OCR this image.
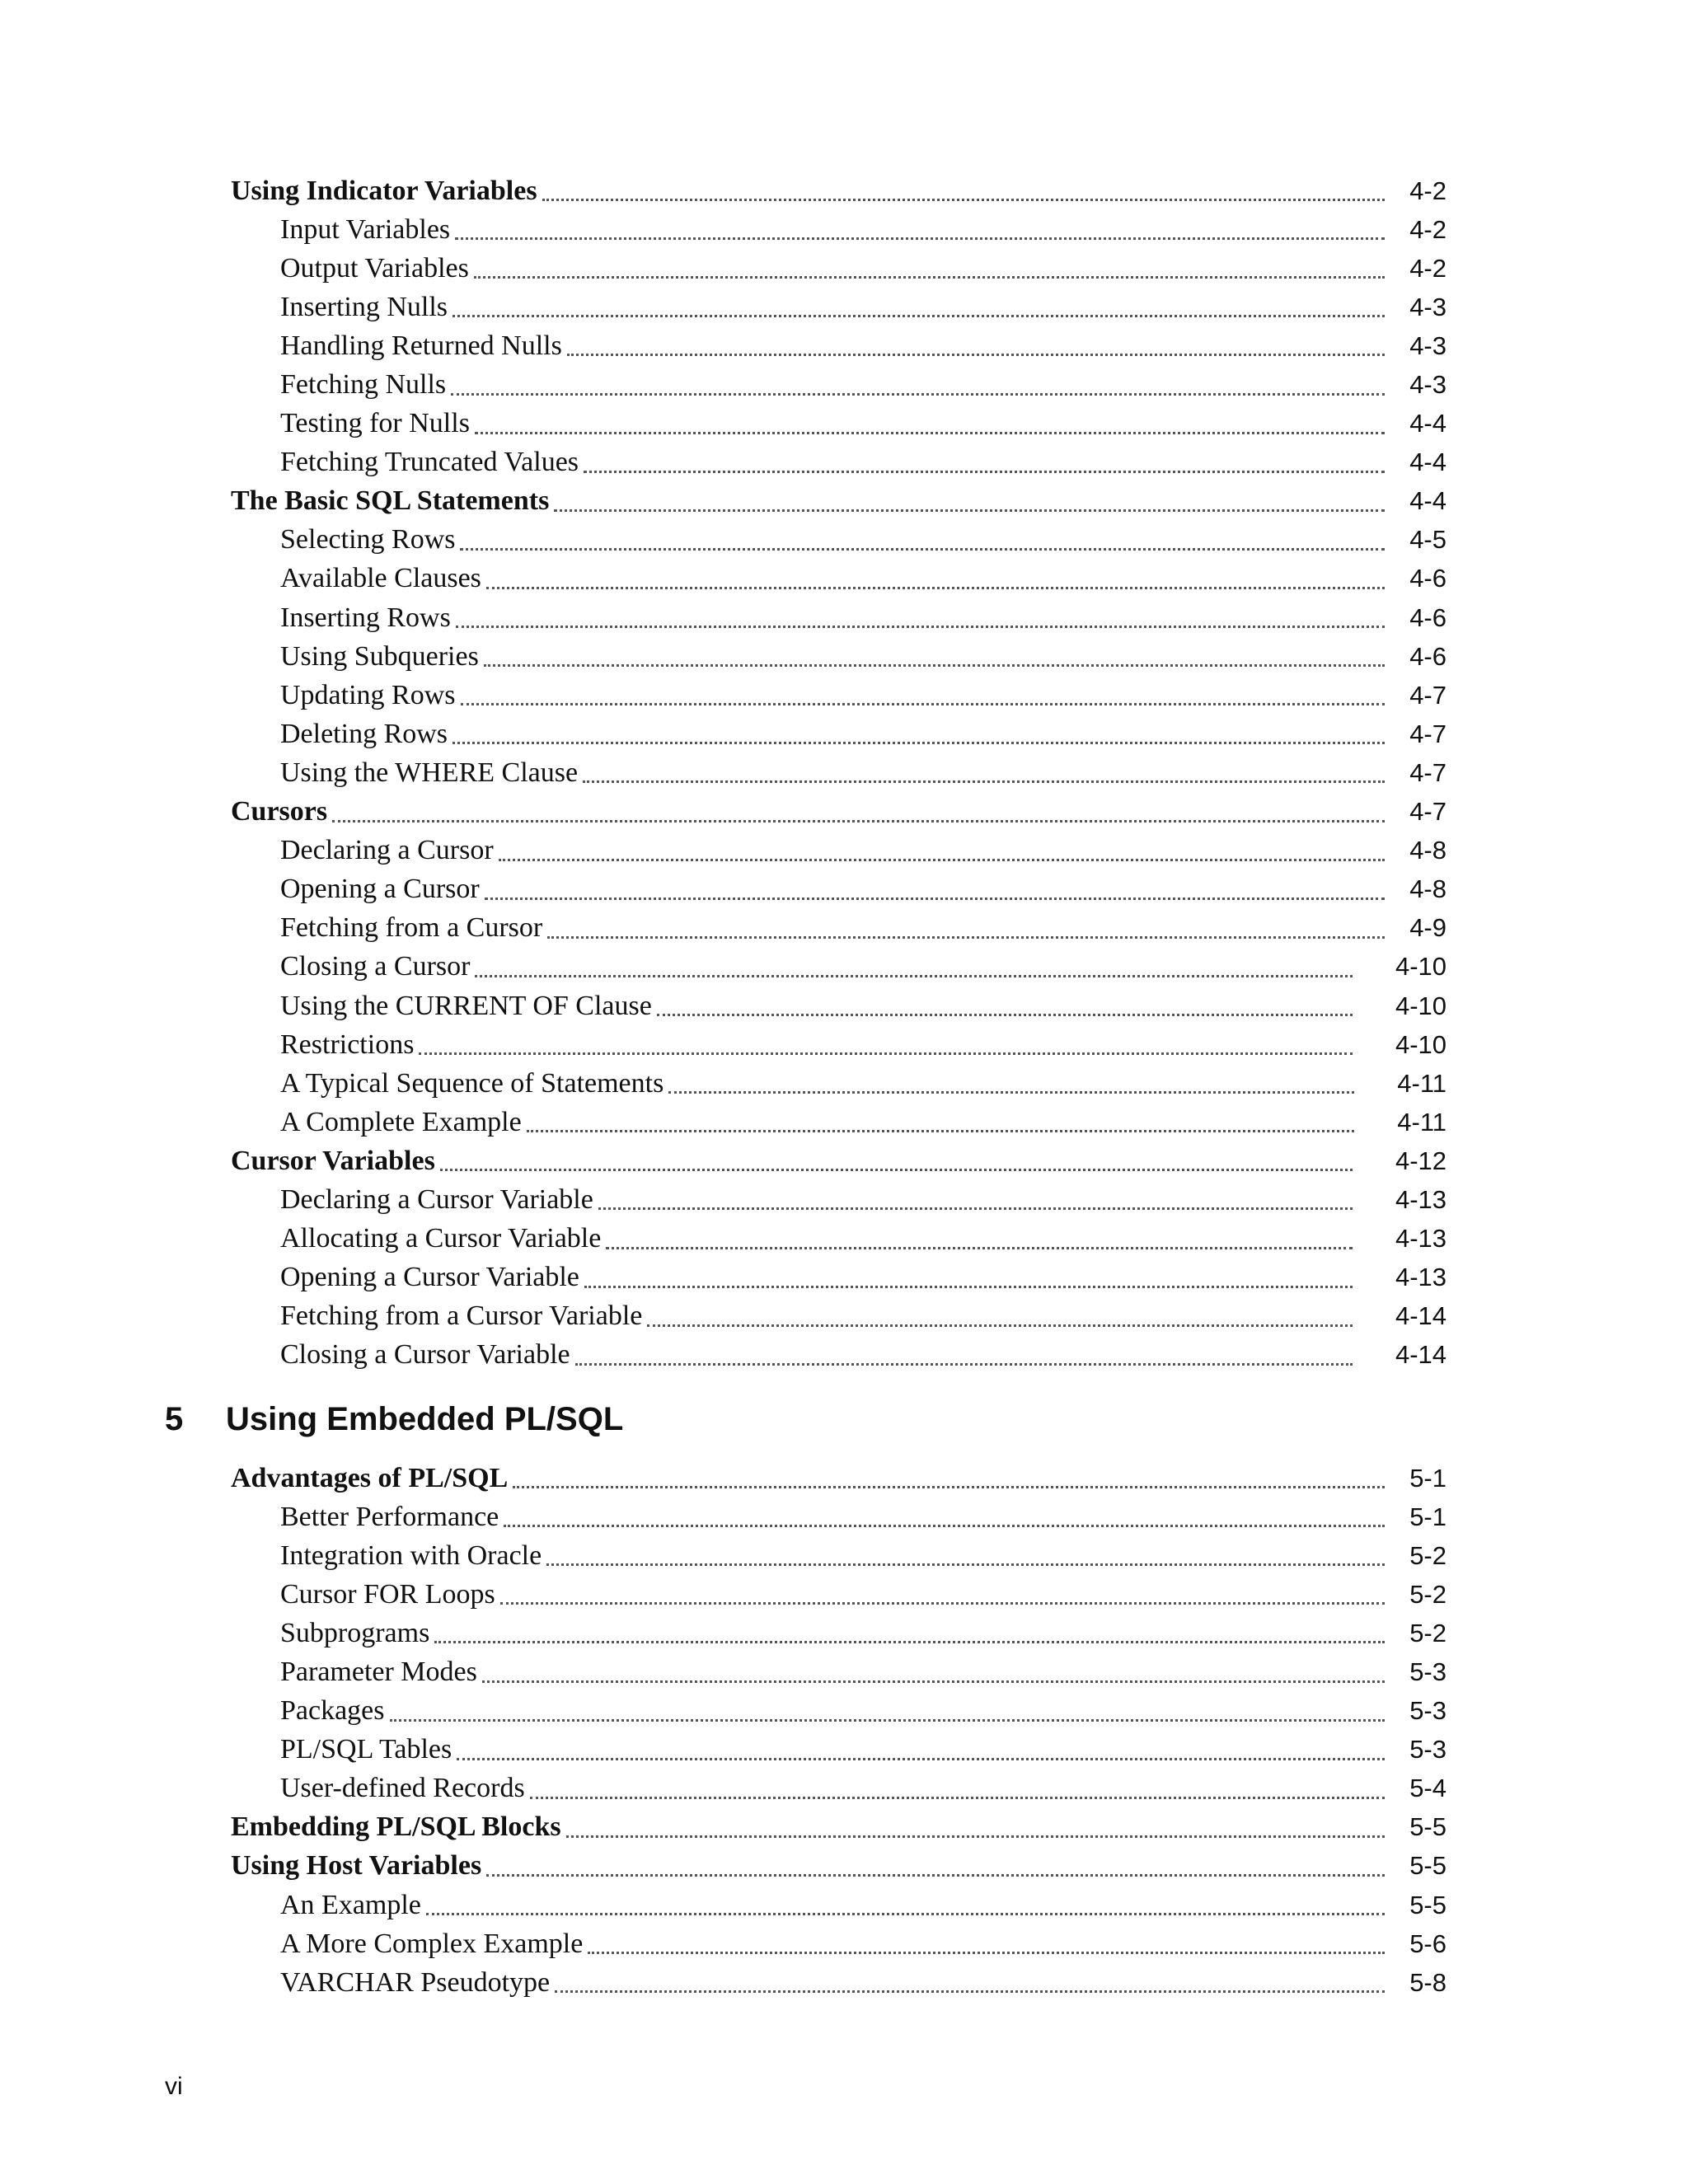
Using Indicator Variables	4-2
Input Variables	4-2
Output Variables	4-2
Inserting Nulls	4-3
Handling Returned Nulls	4-3
Fetching Nulls	4-3
Testing for Nulls	4-4
Fetching Truncated Values	4-4
The Basic SQL Statements	4-4
Selecting Rows	4-5
Available Clauses	4-6
Inserting Rows	4-6
Using Subqueries	4-6
Updating Rows	4-7
Deleting Rows	4-7
Using the WHERE Clause	4-7
Cursors	4-7
Declaring a Cursor	4-8
Opening a Cursor	4-8
Fetching from a Cursor	4-9
Closing a Cursor	4-10
Using the CURRENT OF Clause	4-10
Restrictions	4-10
A Typical Sequence of Statements	4-11
A Complete Example	4-11
Cursor Variables	4-12
Declaring a Cursor Variable	4-13
Allocating a Cursor Variable	4-13
Opening a Cursor Variable	4-13
Fetching from a Cursor Variable	4-14
Closing a Cursor Variable	4-14
5	Using Embedded PL/SQL
Advantages of PL/SQL	5-1
Better Performance	5-1
Integration with Oracle	5-2
Cursor FOR Loops	5-2
Subprograms	5-2
Parameter Modes	5-3
Packages	5-3
PL/SQL Tables	5-3
User-defined Records	5-4
Embedding PL/SQL Blocks	5-5
Using Host Variables	5-5
An Example	5-5
A More Complex Example	5-6
VARCHAR Pseudotype	5-8
vi
